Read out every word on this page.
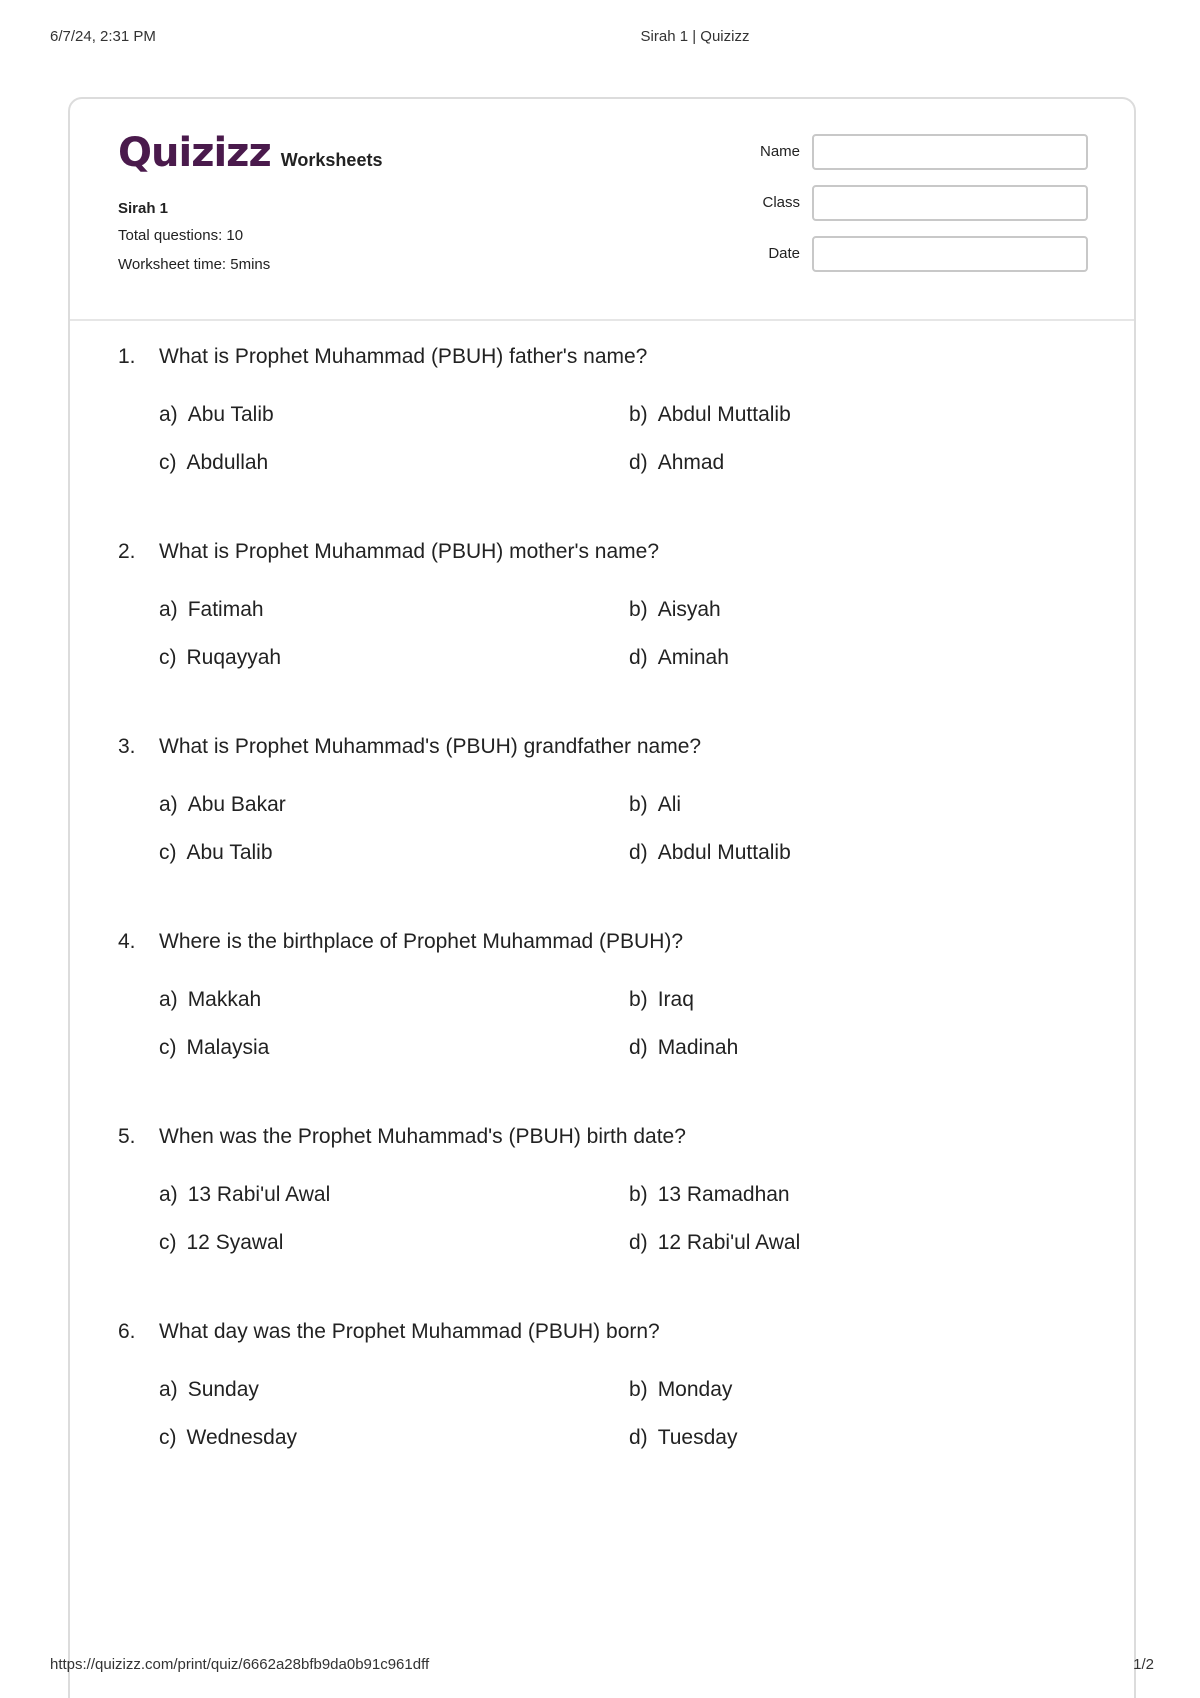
6/7/24, 2:31 PM	Sirah 1 | Quizizz
Quizizz Worksheets
Sirah 1
Total questions: 10
Worksheet time: 5mins
Name
Class
Date
1. What is Prophet Muhammad (PBUH) father's name?
a) Abu Talib	b) Abdul Muttalib
c) Abdullah	d) Ahmad
2. What is Prophet Muhammad (PBUH) mother's name?
a) Fatimah	b) Aisyah
c) Ruqayyah	d) Aminah
3. What is Prophet Muhammad's (PBUH) grandfather name?
a) Abu Bakar	b) Ali
c) Abu Talib	d) Abdul Muttalib
4. Where is the birthplace of Prophet Muhammad (PBUH)?
a) Makkah	b) Iraq
c) Malaysia	d) Madinah
5. When was the Prophet Muhammad's (PBUH) birth date?
a) 13 Rabi'ul Awal	b) 13 Ramadhan
c) 12 Syawal	d) 12 Rabi'ul Awal
6. What day was the Prophet Muhammad (PBUH) born?
a) Sunday	b) Monday
c) Wednesday	d) Tuesday
https://quizizz.com/print/quiz/6662a28bfb9da0b91c961dff	1/2
